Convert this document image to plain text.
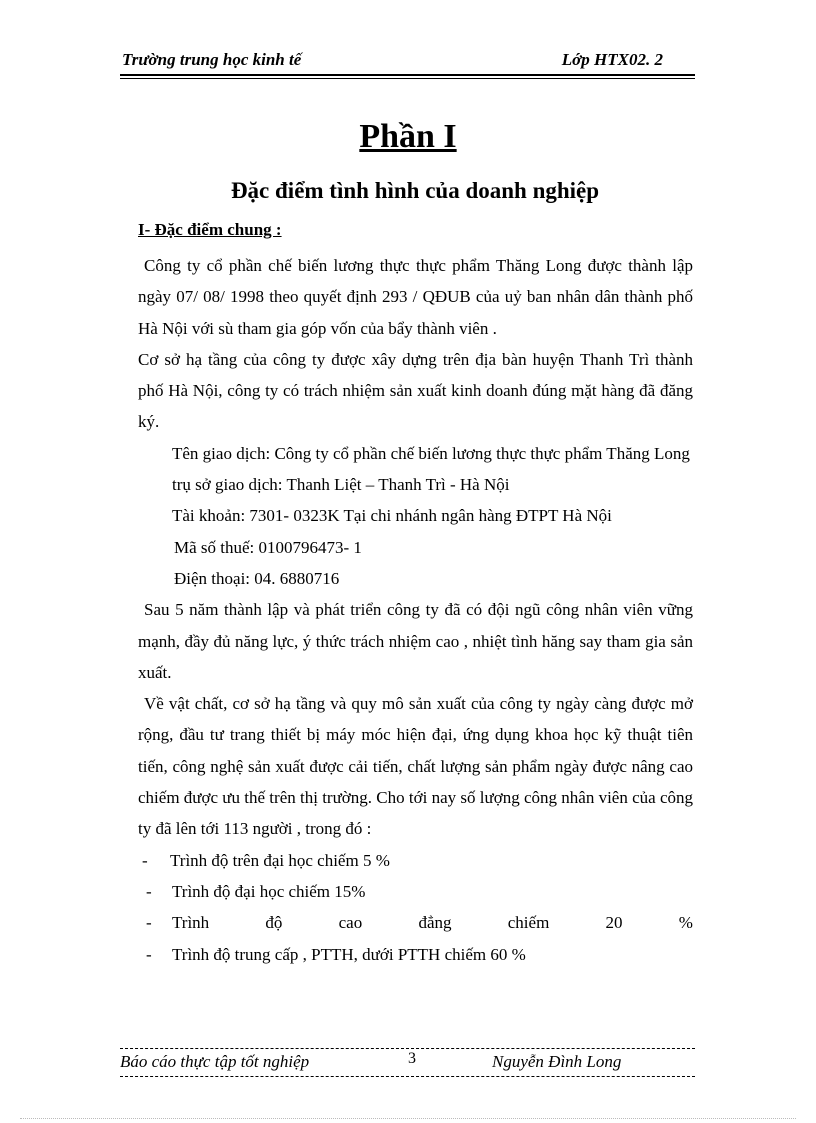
Trường trung học kinh tế	Lớp HTX02. 2
Phần I
Đặc điểm tình hình của doanh nghiệp
I- Đặc điểm chung :

Công ty cổ phần chế biến lương thực thực phẩm Thăng Long được thành lập ngày 07/ 08/ 1998 theo quyết định 293 / QĐUB của uỷ ban nhân dân thành phố Hà Nội với sù tham gia góp vốn của bẩy thành viên .

Cơ sở hạ tầng của công ty được xây dựng trên địa bàn huyện Thanh Trì thành phố Hà Nội, công ty có trách nhiệm sản xuất kinh doanh đúng mặt hàng đã đăng ký.

Tên giao dịch: Công ty cổ phần chế biến lương thực thực phẩm Thăng Long

trụ sở giao dịch: Thanh Liệt – Thanh Trì - Hà Nội

Tài khoản: 7301- 0323K Tại chi nhánh ngân hàng ĐTPT Hà Nội

Mã số thuế: 0100796473- 1

Điện thoại: 04. 6880716

Sau 5 năm thành lập và phát triển công ty đã có đội ngũ công nhân viên vững mạnh, đầy đủ năng lực, ý thức trách nhiệm cao , nhiệt tình hăng say tham gia sản xuất.

Về vật chất, cơ sở hạ tầng và quy mô sản xuất của công ty ngày càng được mở rộng, đầu tư trang thiết bị máy móc hiện đại, ứng dụng khoa học kỹ thuật tiên tiến, công nghệ sản xuất được cải tiến, chất lượng sản phẩm ngày được nâng cao chiếm được ưu thế trên thị trường. Cho tới nay số lượng công nhân viên của công ty đã lên tới 113 người , trong đó :

-	Trình độ trên đại học chiếm 5 %
-	Trình độ đại học chiếm 15%
-	Trình	độ	cao	đẳng	chiếm	20	%
-	Trình độ trung cấp , PTTH, dưới PTTH chiếm 60 %
Báo cáo thực tập tốt nghiệp	3	Nguyễn Đình Long
